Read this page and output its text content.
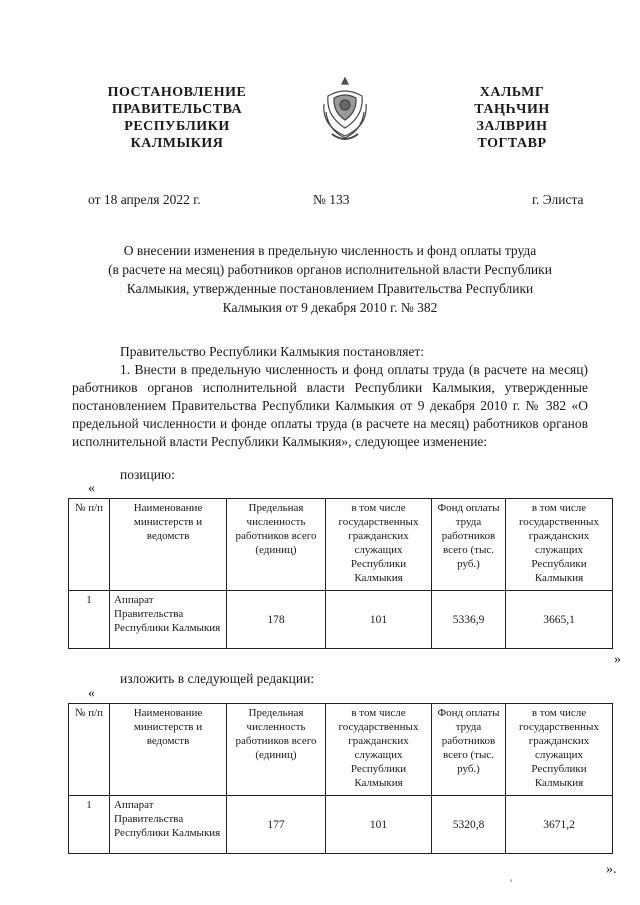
ПОСТАНОВЛЕНИЕ
ПРАВИТЕЛЬСТВА
РЕСПУБЛИКИ
КАЛМЫКИЯ
ХАЛЬМГ
ТАҢҺЧИН
ЗАЛВРИН
ТОГТАВР
от 18 апреля 2022 г.	№ 133	г. Элиста
О внесении изменения в предельную численность и фонд оплаты труда
(в расчете на месяц) работников органов исполнительной власти Республики
Калмыкия, утвержденные постановлением Правительства Республики
Калмыкия от 9 декабря 2010 г. № 382
Правительство Республики Калмыкия постановляет:
1. Внести в предельную численность и фонд оплаты труда (в расчете на месяц) работников органов исполнительной власти Республики Калмыкия, утвержденные постановлением Правительства Республики Калмыкия от 9 декабря 2010 г. № 382 «О предельной численности и фонде оплаты труда (в расчете на месяц) работников органов исполнительной власти Республики Калмыкия», следующее изменение:
позицию:
«
№ п/п	Наименование министерств и ведомств	Предельная численность работников всего (единиц)	в том числе государственных гражданских служащих Республики Калмыкия	Фонд оплаты труда работников всего (тыс. руб.)	в том числе государственных гражданских служащих Республики Калмыкия
1	Аппарат Правительства Республики Калмыкия	178	101	5336,9	3665,1
»
изложить в следующей редакции:
«
№ п/п	Наименование министерств и ведомств	Предельная численность работников всего (единиц)	в том числе государственных гражданских служащих Республики Калмыкия	Фонд оплаты труда работников всего (тыс. руб.)	в том числе государственных гражданских служащих Республики Калмыкия
1	Аппарат Правительства Республики Калмыкия	177	101	5320,8	3671,2
».
'
